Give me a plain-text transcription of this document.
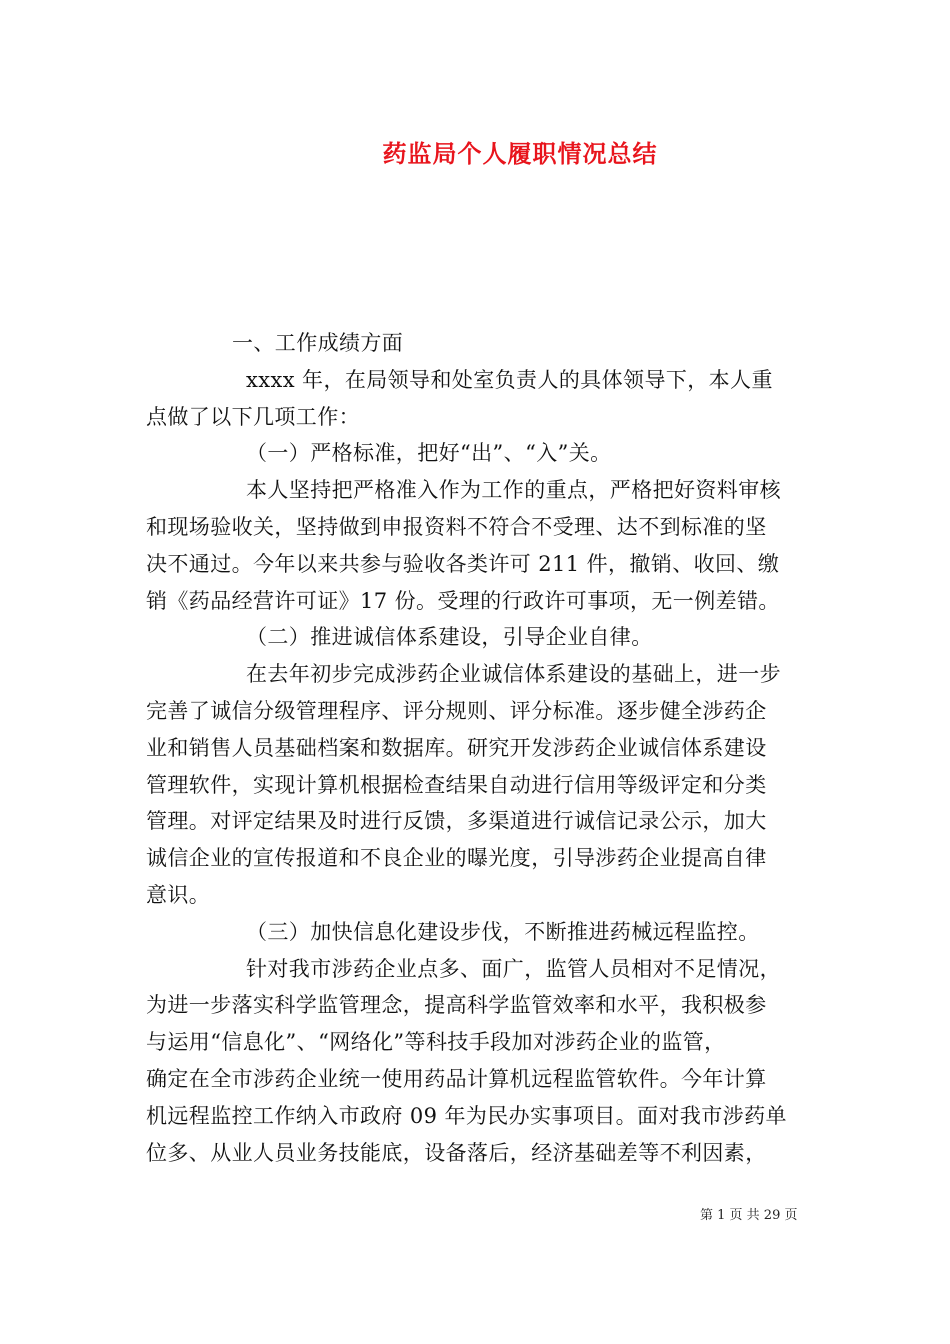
药监局个人履职情况总结
一、工作成绩方面
xxxx 年，在局领导和处室负责人的具体领导下，本人重
点做了以下几项工作：
（一）严格标准，把好“出”、“入”关。
本人坚持把严格准入作为工作的重点，严格把好资料审核
和现场验收关，坚持做到申报资料不符合不受理、达不到标准的坚
决不通过。今年以来共参与验收各类许可 211 件，撤销、收回、缴
销《药品经营许可证》17 份。受理的行政许可事项，无一例差错。
（二）推进诚信体系建设，引导企业自律。
在去年初步完成涉药企业诚信体系建设的基础上，进一步
完善了诚信分级管理程序、评分规则、评分标准。逐步健全涉药企
业和销售人员基础档案和数据库。研究开发涉药企业诚信体系建设
管理软件，实现计算机根据检查结果自动进行信用等级评定和分类
管理。对评定结果及时进行反馈，多渠道进行诚信记录公示，加大
诚信企业的宣传报道和不良企业的曝光度，引导涉药企业提高自律
意识。
（三）加快信息化建设步伐，不断推进药械远程监控。
针对我市涉药企业点多、面广，监管人员相对不足情况，
为进一步落实科学监管理念，提高科学监管效率和水平，我积极参
与运用“信息化”、“网络化”等科技手段加对涉药企业的监管，
确定在全市涉药企业统一使用药品计算机远程监管软件。今年计算
机远程监控工作纳入市政府 09 年为民办实事项目。面对我市涉药单
位多、从业人员业务技能底，设备落后，经济基础差等不利因素，
第 1 页 共 29 页
